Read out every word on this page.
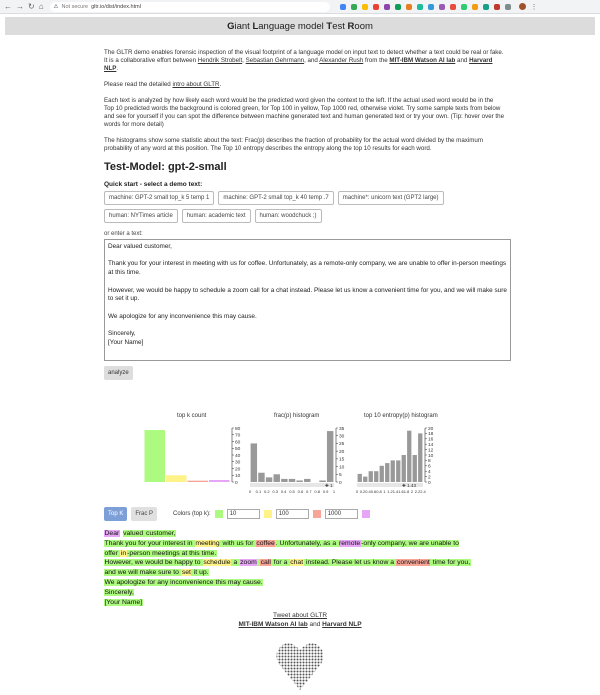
← → ↻ ⌂ ⚠ Not secure gltr.io/dist/index.html	⋮
Giant Language model Test Room

The GLTR demo enables forensic inspection of the visual footprint of a language model on input text to detect whether a text could be real or fake. It is a collaborative effort between Hendrik Strobelt, Sebastian Gehrmann, and Alexander Rush from the MIT-IBM Watson AI lab and Harvard NLP.

Please read the detailed intro about GLTR.

Each text is analyzed by how likely each word would be the predicted word given the context to the left. If the actual used word would be in the Top 10 predicted words the background is colored green, for Top 100 in yellow, Top 1000 red, otherwise violet. Try some sample texts from below and see for yourself if you can spot the difference between machine generated text and human generated text or try your own. (Tip: hover over the words for more detail)

The histograms show some statistic about the text: Frac(p) describes the fraction of probability for the actual word divided by the maximum probability of any word at this position. The Top 10 entropy describes the entropy along the top 10 results for each word.

Test-Model: gpt-2-small
Quick start - select a demo text:
machine: GPT-2 small top_k 5 temp 1	machine: GPT-2 small top_k 40 temp .7	machine*: unicorn text (GPT2 large)
human: NYTimes article	human: academic text	human: woodchuck ;)
or enter a text:
Dear valued customer,

Thank you for your interest in meeting with us for coffee. Unfortunately, as a remote-only company, we are unable to offer in-person meetings at this time.

However, we would be happy to schedule a zoom call for a chat instead. Please let us know a convenient time for you, and we will make sure to set it up.

We apologize for any inconvenience this may cause.

Sincerely,
[Your Name]
analyze
top k count	frac(p) histogram	top 10 entropy(p) histogram
0
10
20
30
40
50
60
70
80
0
5
10
15
20
25
30
35
0 0.1 0.2 0.3 0.4 0.5 0.6 0.7 0.8 0.9 1
✚ 1	0
2
4
6
8
10
12
14
16
18
20
0 0.2 0.4 0.6 0.8 1 1.2 1.4 1.6 1.8 2 2.2 2.4
✚ 1.43
Top K	Frac P	Colors (top k):	10	100	1000
Dear valued customer,
Thank you for your interest in meeting with us for coffee. Unfortunately, as a remote-only company, we are unable to
offer in-person meetings at this time.
However, we would be happy to schedule a zoom call for a chat instead. Please let us know a convenient time for you,
and we will make sure to set it up.
We apologize for any inconvenience this may cause.
Sincerely,
[Your Name]
Tweet about GLTR
MIT-IBM Watson AI lab and Harvard NLP
